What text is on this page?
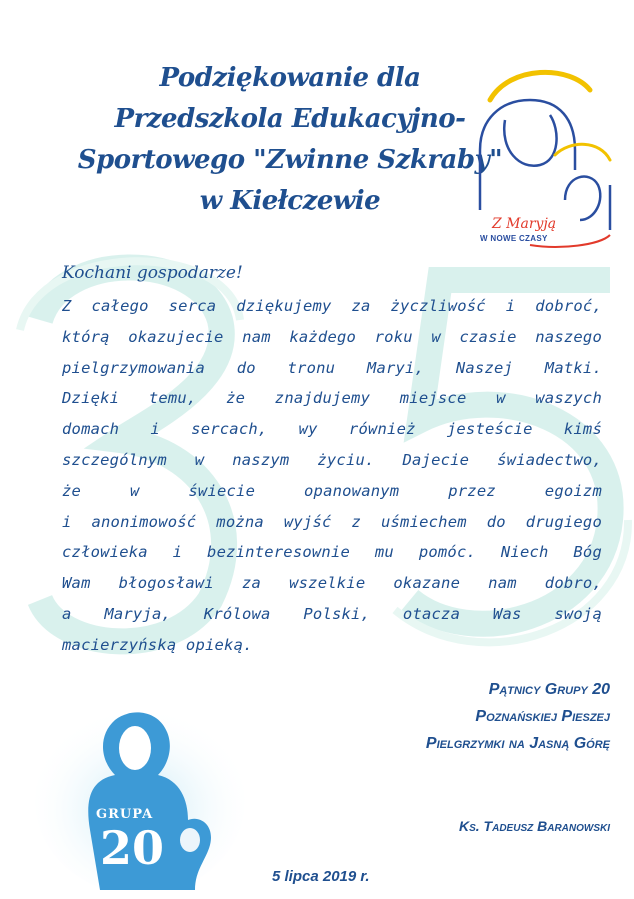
Podziękowanie dla
Przedszkola Edukacyjno-
Sportowego "Zwinne Szkraby"
w Kiełczewie
Z Maryją
W NOWE CZASY
Kochani gospodarze!
Z całego serca dziękujemy za życzliwość i dobroć,
którą okazujecie nam każdego roku w czasie naszego
pielgrzymowania do tronu Maryi, Naszej Matki.
Dzięki temu, że znajdujemy miejsce w waszych
domach i sercach, wy również jesteście kimś
szczególnym w naszym życiu. Dajecie świadectwo,
że w świecie opanowanym przez egoizm
i anonimowość można wyjść z uśmiechem do drugiego
człowieka i bezinteresownie mu pomóc. Niech Bóg
Wam błogosławi za wszelkie okazane nam dobro,
a Maryja, Królowa Polski, otacza Was swoją
macierzyńską opieką.
Pątnicy Grupy 20
Poznańskiej Pieszej
Pielgrzymki na Jasną Górę
GRUPA
20	Ks. Tadeusz Baranowski
5 lipca 2019 r.
